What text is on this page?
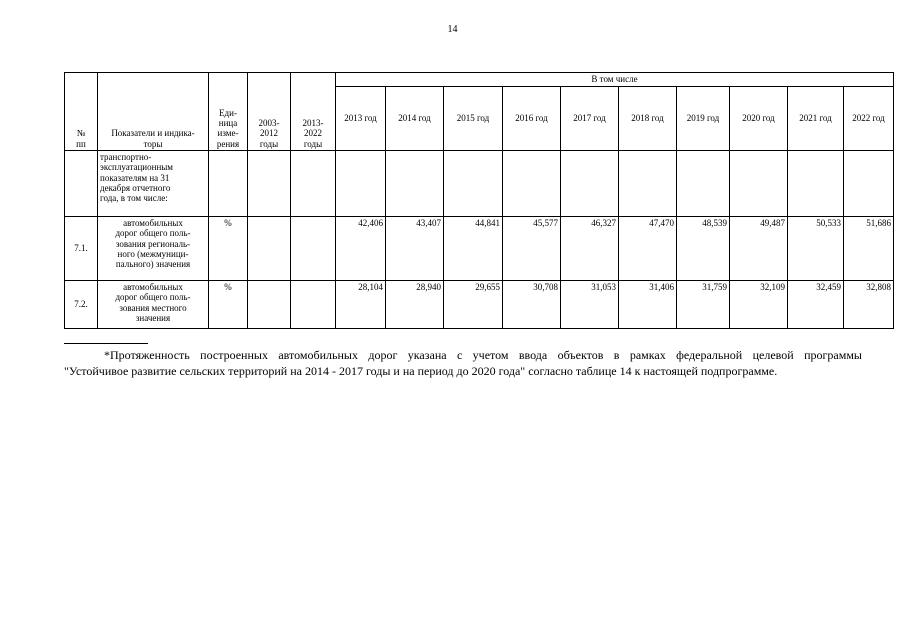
14
№
пп	Показатели и индика-
торы	Еди-
ница
изме-
рения	2003-
2012
годы	2013-
2022
годы	В том числе									
					2013 год	2014 год	2015 год	2016 год	2017 год	2018 год	2019 год	2020 год	2021 год	2022 год
	транспортно-
эксплуатационным
показателям на 31
декабря отчетного
года, в том числе:													
7.1.	автомобильных
дорог общего поль-
зования региональ-
ного (межмуници-
пального) значения	%			42,406	43,407	44,841	45,577	46,327	47,470	48,539	49,487	50,533	51,686
7.2.	автомобильных
дорог общего поль-
зования местного
значения	%			28,104	28,940	29,655	30,708	31,053	31,406	31,759	32,109	32,459	32,808
*Протяженность построенных автомобильных дорог указана с учетом ввода объектов в рамках федеральной целевой программы
"Устойчивое развитие сельских территорий на 2014 - 2017 годы и на период до 2020 года" согласно таблице 14 к настоящей подпрограмме.
